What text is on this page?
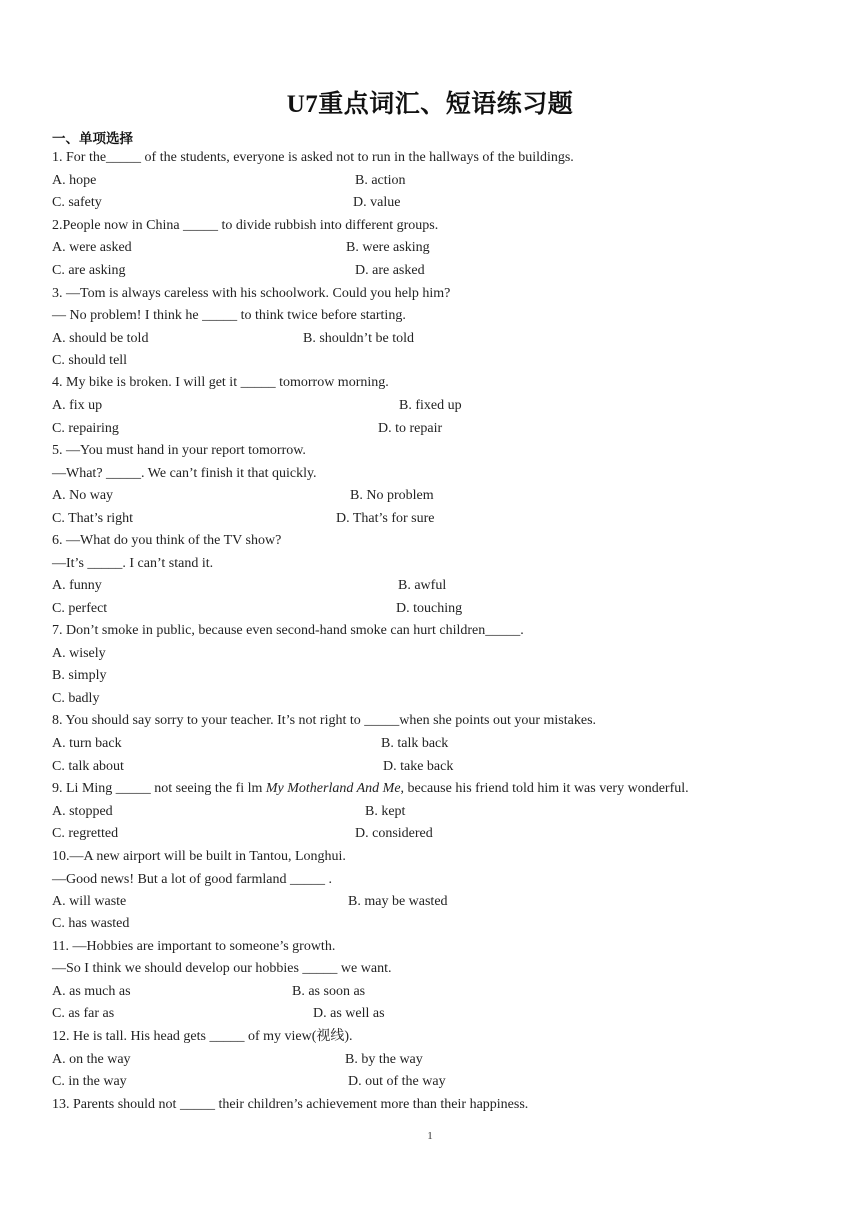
U7重点词汇、短语练习题
一、单项选择
1. For the_____ of the students, everyone is asked not to run in the hallways of the buildings.
A. hope	B. action
C. safety	D. value
2.People now in China _____ to divide rubbish into different groups.
A. were asked	B. were asking
C. are asking	D. are asked
3. —Tom is always careless with his schoolwork. Could you help him?
— No problem! I think he _____ to think twice before starting.
A. should be told	B. shouldn’t be told
C. should tell
4. My bike is broken. I will get it _____ tomorrow morning.
A. fix up	B. fixed up
C. repairing	D. to repair
5. —You must hand in your report tomorrow.
—What? _____. We can’t finish it that quickly.
A. No way	B. No problem
C. That’s right	D. That’s for sure
6. —What do you think of the TV show?
—It’s _____. I can’t stand it.
A. funny	B. awful
C. perfect	D. touching
7. Don’t smoke in public, because even second-hand smoke can hurt children_____.
A. wisely
B. simply
C. badly
8. You should say sorry to your teacher. It’s not right to _____when she points out your mistakes.
A. turn back	B. talk back
C. talk about	D. take back
9. Li Ming _____ not seeing the fi lm My Motherland And Me, because his friend told him it was very wonderful.
A. stopped	B. kept
C. regretted	D. considered
10.—A new airport will be built in Tantou, Longhui.
—Good news! But a lot of good farmland _____ .
A. will waste	B. may be wasted
C. has wasted
11. —Hobbies are important to someone’s growth.
—So I think we should develop our hobbies _____ we want.
A. as much as	B. as soon as
C. as far as	D. as well as
12. He is tall. His head gets _____ of my view(视线).
A. on the way	B. by the way
C. in the way	D. out of the way
13. Parents should not _____ their children’s achievement more than their happiness.
1
